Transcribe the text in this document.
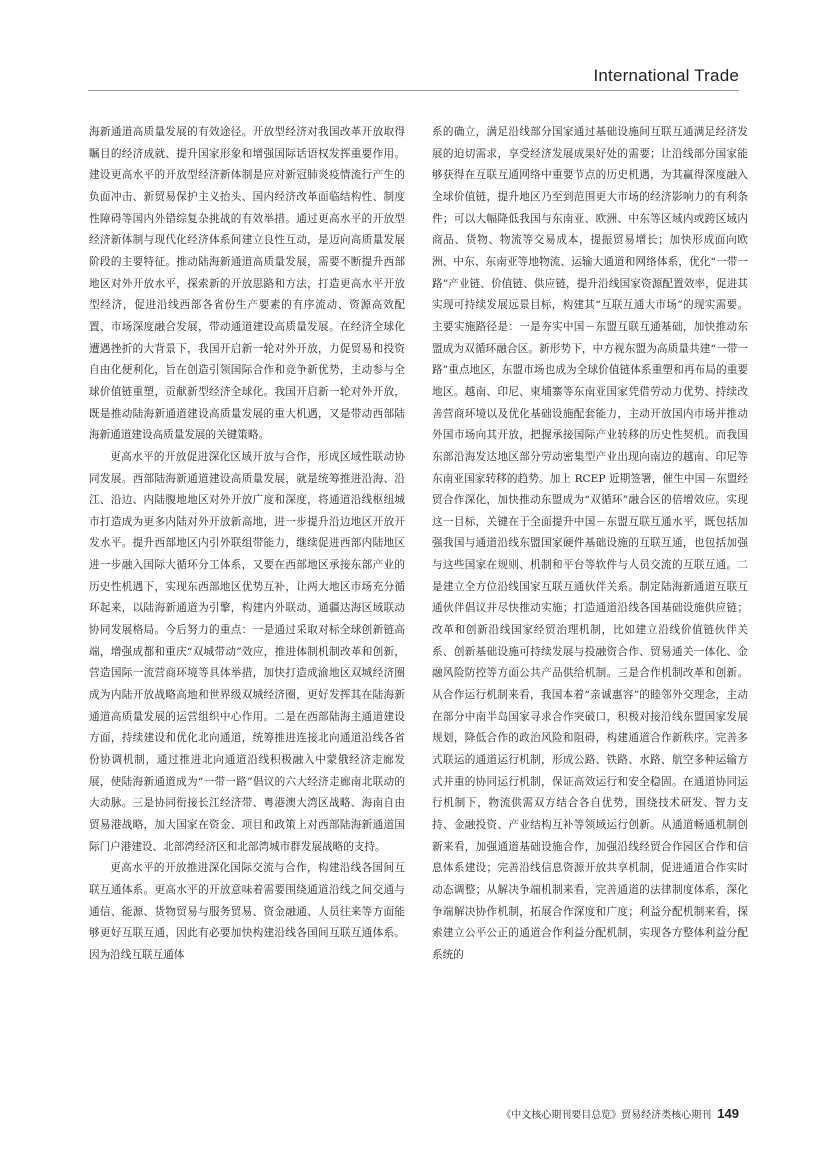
International Trade

海新通道高质量发展的有效途径。开放型经济对我国改革开放取得瞩目的经济成就、提升国家形象和增强国际话语权发挥重要作用。建设更高水平的开放型经济新体制是应对新冠肺炎疫情流行产生的负面冲击、新贸易保护主义抬头、国内经济改革面临结构性、制度性障碍等国内外错综复杂挑战的有效举措。通过更高水平的开放型经济新体制与现代化经济体系间建立良性互动，是迈向高质量发展阶段的主要特征。推动陆海新通道高质量发展，需要不断提升西部地区对外开放水平，探索新的开放思路和方法，打造更高水平开放型经济，促进沿线西部各省份生产要素的有序流动、资源高效配置、市场深度融合发展，带动通道建设高质量发展。在经济全球化遭遇挫折的大背景下，我国开启新一轮对外开放，力促贸易和投资自由化便利化，旨在创造引领国际合作和竞争新优势，主动参与全球价值链重塑，贡献新型经济全球化。我国开启新一轮对外开放，既是推动陆海新通道建设高质量发展的重大机遇，又是带动西部陆海新通道建设高质量发展的关键策略。

更高水平的开放促进深化区域开放与合作，形成区域性联动协同发展。西部陆海新通道建设高质量发展，就是统筹推进沿海、沿江、沿边、内陆腹地地区对外开放广度和深度，将通道沿线枢纽城市打造成为更多内陆对外开放新高地，进一步提升沿边地区开放开发水平。提升西部地区内引外联组带能力，继续促进西部内陆地区进一步融入国际大循环分工体系，又要在西部地区承接东部产业的历史性机遇下，实现东西部地区优势互补，让两大地区市场充分循环起来，以陆海新通道为引擎，构建内外联动、通疆达海区域联动协同发展格局。今后努力的重点：一是通过采取对标全球创新链高端，增强成都和重庆“双城带动”效应，推进体制机制改革和创新，营造国际一流营商环境等具体举措，加快打造成渝地区双城经济圈成为内陆开放战略高地和世界级双城经济圈，更好发挥其在陆海新通道高质量发展的运营组织中心作用。二是在西部陆海主通道建设方面，持续建设和优化北向通道，统筹推进连接北向通道沿线各省份协调机制，通过推进北向通道沿线积极融入中蒙俄经济走廊发展，使陆海新通道成为“一带一路”倡议的六大经济走廊南北联动的大动脉。三是协同衔接长江经济带、粤港澳大湾区战略、海南自由贸易港战略，加大国家在资金、项目和政策上对西部陆海新通道国际门户港建设、北部湾经济区和北部湾城市群发展战略的支持。

更高水平的开放推进深化国际交流与合作，构建沿线各国间互联互通体系。更高水平的开放意味着需要围绕通道沿线之间交通与通信、能源、货物贸易与服务贸易、资金融通、人员往来等方面能够更好互联互通，因此有必要加快构建沿线各国间互联互通体系。因为沿线互联互通体

系的确立，满足沿线部分国家通过基础设施间互联互通满足经济发展的迫切需求，享受经济发展成果好处的需要；让沿线部分国家能够获得在互联互通网络中重要节点的历史机遇，为其赢得深度融入全球价值链，提升地区乃至到范围更大市场的经济影响力的有利条件；可以大幅降低我国与东南亚、欧洲、中东等区域内或跨区域内商品、货物、物流等交易成本，提振贸易增长；加快形成面向欧洲、中东、东南亚等地物流、运输大通道和网络体系，优化“一带一路”产业链、价值链、供应链，提升沿线国家资源配置效率，促进其实现可持续发展远景目标，构建其“互联互通大市场”的现实需要。主要实施路径是：一是夯实中国－东盟互联互通基础，加快推动东盟成为双循环融合区。新形势下，中方视东盟为高质量共建“一带一路”重点地区，东盟市场也成为全球价值链体系重塑和再布局的重要地区。越南、印尼、柬埔寨等东南亚国家凭借劳动力优势、持续改善营商环境以及优化基础设施配套能力，主动开放国内市场并推动外国市场向其开放，把握承接国际产业转移的历史性契机。而我国东部沿海发达地区部分劳动密集型产业出现向南边的越南、印尼等东南亚国家转移的趋势。加上 RCEP 近期签署，催生中国－东盟经贸合作深化，加快推动东盟成为“双循环”融合区的倍增效应。实现这一目标，关键在于全面提升中国－东盟互联互通水平，既包括加强我国与通道沿线东盟国家硬件基础设施的互联互通，也包括加强与这些国家在规则、机制和平台等软件与人员交流的互联互通。二是建立全方位沿线国家互联互通伙伴关系。制定陆海新通道互联互通伙伴倡议并尽快推动实施；打造通道沿线各国基础设施供应链；改革和创新沿线国家经贸治理机制，比如建立沿线价值链伙伴关系、创新基础设施可持续发展与投融资合作、贸易通关一体化、金融风险防控等方面公共产品供给机制。三是合作机制改革和创新。从合作运行机制来看，我国本着“亲诚惠容”的睦邻外交理念，主动在部分中南半岛国家寻求合作突破口，积极对接沿线东盟国家发展规划，降低合作的政治风险和阻碍，构建通道合作新秩序。完善多式联运的通道运行机制，形成公路、铁路、水路、航空多种运输方式并重的协同运行机制，保证高效运行和安全稳固。在通道协同运行机制下，物流供需双方结合各自优势，围绕技术研发、智力支持、金融投资、产业结构互补等领域运行创新。从通道畅通机制创新来看，加强通道基础设施合作，加强沿线经贸合作园区合作和信息体系建设；完善沿线信息资源开放共享机制，促进通道合作实时动态调整；从解决争端机制来看，完善通道的法律制度体系，深化争端解决协作机制，拓展合作深度和广度；利益分配机制来看，探索建立公平公正的通道合作利益分配机制，实现各方整体利益分配系统的

《中文核心期刊要目总览》贸易经济类核心期刊 149
